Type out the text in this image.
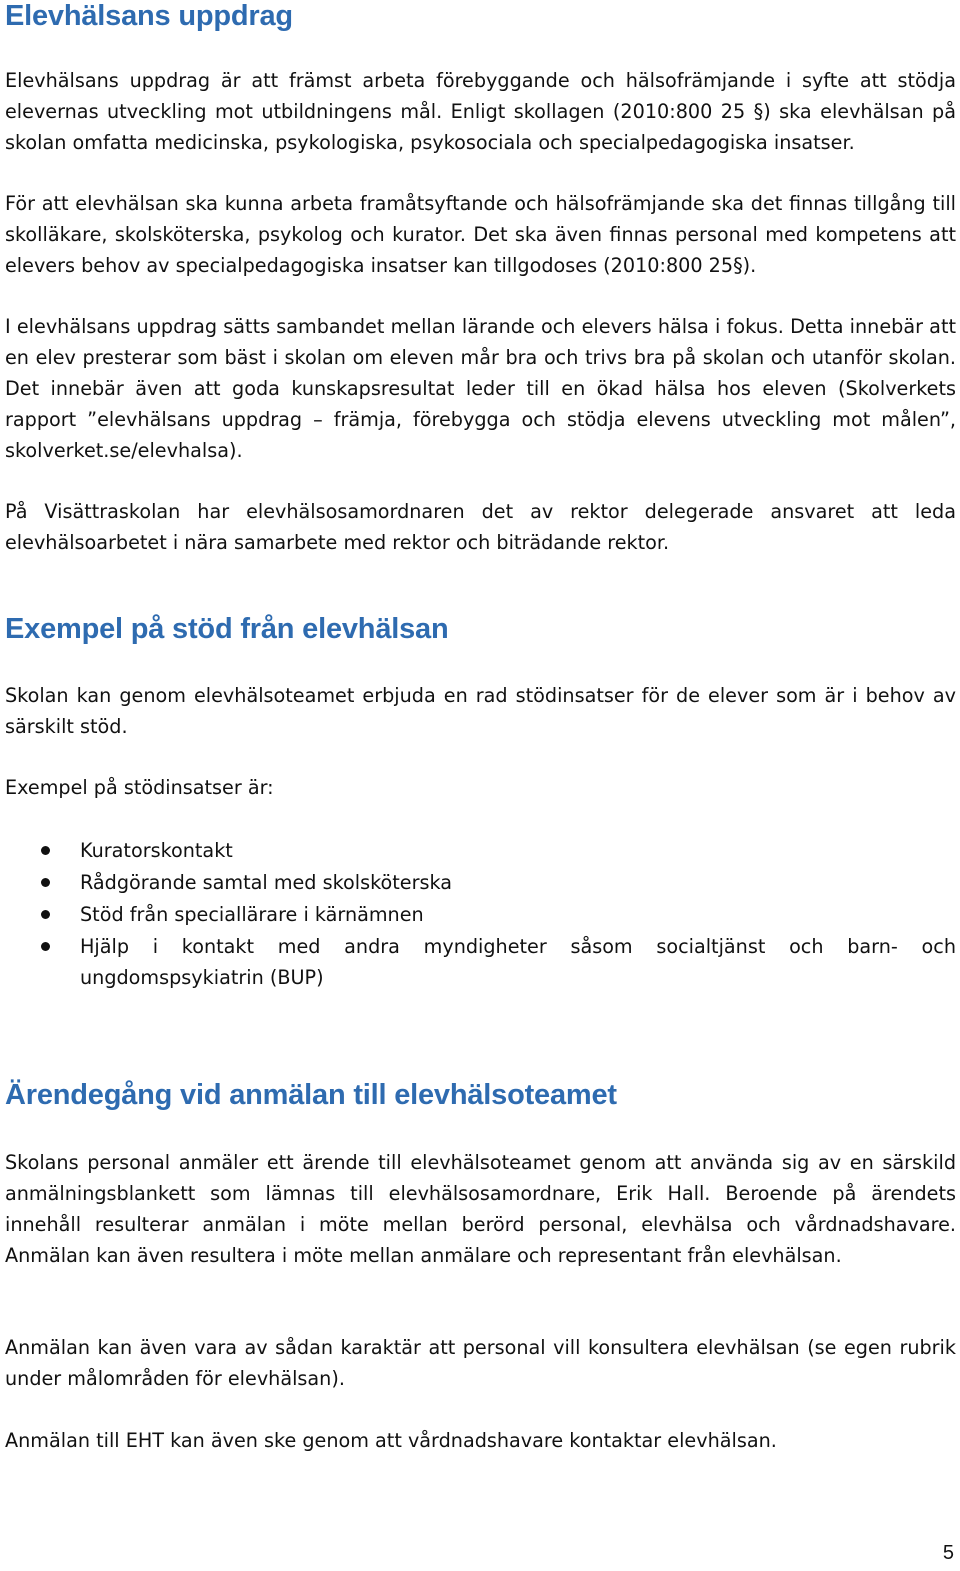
Elevhälsans uppdrag

Elevhälsans uppdrag är att främst arbeta förebyggande och hälsofrämjande i syfte att stödja elevernas utveckling mot utbildningens mål. Enligt skollagen (2010:800 25 §) ska elevhälsan på skolan omfatta medicinska, psykologiska, psykosociala och specialpedagogiska insatser.

För att elevhälsan ska kunna arbeta framåtsyftande och hälsofrämjande ska det finnas tillgång till skolläkare, skolsköterska, psykolog och kurator. Det ska även finnas personal med kompetens att elevers behov av specialpedagogiska insatser kan tillgodoses (2010:800 25§).

I elevhälsans uppdrag sätts sambandet mellan lärande och elevers hälsa i fokus. Detta innebär att en elev presterar som bäst i skolan om eleven mår bra och trivs bra på skolan och utanför skolan. Det innebär även att goda kunskapsresultat leder till en ökad hälsa hos eleven (Skolverkets rapport ”elevhälsans uppdrag – främja, förebygga och stödja elevens utveckling mot målen”, skolverket.se/elevhalsa).

På Visättraskolan har elevhälsosamordnaren det av rektor delegerade ansvaret att leda elevhälsoarbetet i nära samarbete med rektor och biträdande rektor.

Exempel på stöd från elevhälsan

Skolan kan genom elevhälsoteamet erbjuda en rad stödinsatser för de elever som är i behov av särskilt stöd.

Exempel på stödinsatser är:

Kuratorskontakt
Rådgörande samtal med skolsköterska
Stöd från speciallärare i kärnämnen
Hjälp i kontakt med andra myndigheter såsom socialtjänst och barn- och ungdomspsykiatrin (BUP)
Ärendegång vid anmälan till elevhälsoteamet

Skolans personal anmäler ett ärende till elevhälsoteamet genom att använda sig av en särskild anmälningsblankett som lämnas till elevhälsosamordnare, Erik Hall. Beroende på ärendets innehåll resulterar anmälan i möte mellan berörd personal, elevhälsa och vårdnadshavare. Anmälan kan även resultera i möte mellan anmälare och representant från elevhälsan.

Anmälan kan även vara av sådan karaktär att personal vill konsultera elevhälsan (se egen rubrik under målområden för elevhälsan).

Anmälan till EHT kan även ske genom att vårdnadshavare kontaktar elevhälsan.

5
